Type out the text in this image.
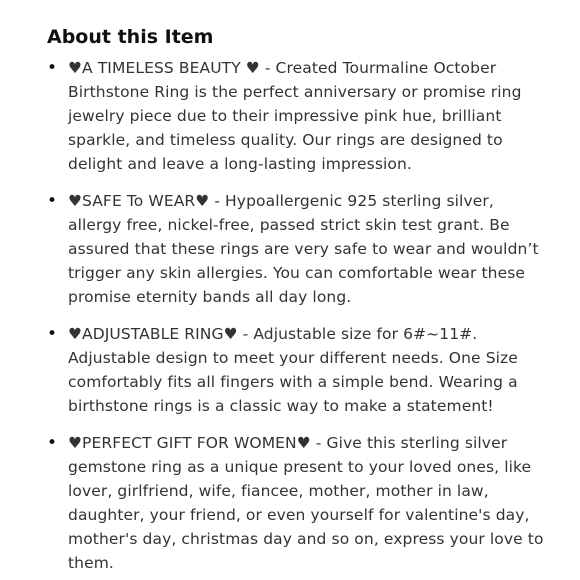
About this Item
• ♥A TIMELESS BEAUTY ♥ - Created Tourmaline October Birthstone Ring is the perfect anniversary or promise ring jewelry piece due to their impressive pink hue, brilliant sparkle, and timeless quality. Our rings are designed to delight and leave a long-lasting impression.
• ♥SAFE To WEAR♥ - Hypoallergenic 925 sterling silver, allergy free, nickel-free, passed strict skin test grant. Be assured that these rings are very safe to wear and wouldn’t trigger any skin allergies. You can comfortable wear these promise eternity bands all day long.
• ♥ADJUSTABLE RING♥ - Adjustable size for 6#~11#. Adjustable design to meet your different needs. One Size comfortably fits all fingers with a simple bend. Wearing a birthstone rings is a classic way to make a statement!
• ♥PERFECT GIFT FOR WOMEN♥ - Give this sterling silver gemstone ring as a unique present to your loved ones, like lover, girlfriend, wife, fiancee, mother, mother in law, daughter, your friend, or even yourself for valentine's day, mother's day, christmas day and so on, express your love to them.
